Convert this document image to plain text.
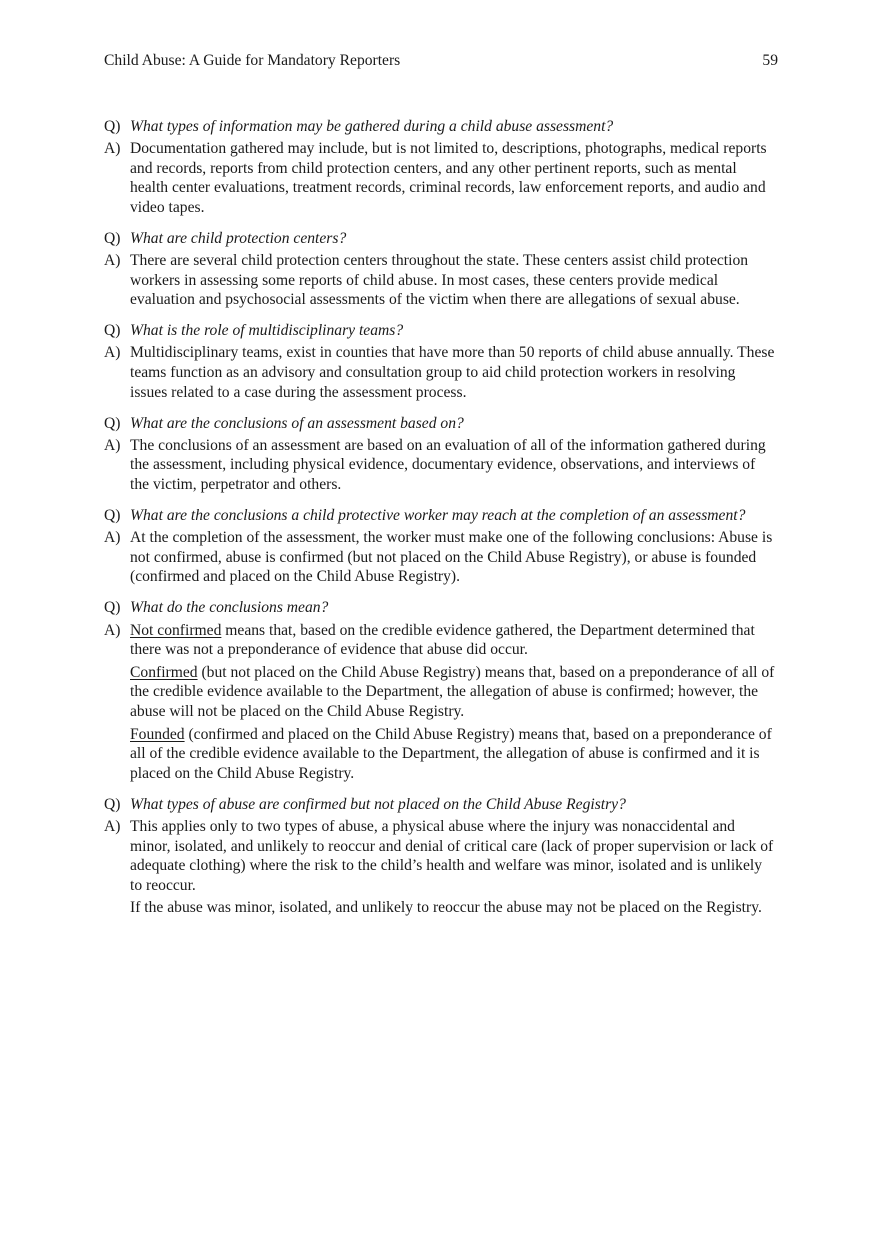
Child Abuse: A Guide for Mandatory Reporters	59
Q) What types of information may be gathered during a child abuse assessment?
A) Documentation gathered may include, but is not limited to, descriptions, photographs, medical reports and records, reports from child protection centers, and any other pertinent reports, such as mental health center evaluations, treatment records, criminal records, law enforcement reports, and audio and video tapes.
Q) What are child protection centers?
A) There are several child protection centers throughout the state. These centers assist child protection workers in assessing some reports of child abuse. In most cases, these centers provide medical evaluation and psychosocial assessments of the victim when there are allegations of sexual abuse.
Q) What is the role of multidisciplinary teams?
A) Multidisciplinary teams, exist in counties that have more than 50 reports of child abuse annually. These teams function as an advisory and consultation group to aid child protection workers in resolving issues related to a case during the assessment process.
Q) What are the conclusions of an assessment based on?
A) The conclusions of an assessment are based on an evaluation of all of the information gathered during the assessment, including physical evidence, documentary evidence, observations, and interviews of the victim, perpetrator and others.
Q) What are the conclusions a child protective worker may reach at the completion of an assessment?
A) At the completion of the assessment, the worker must make one of the following conclusions: Abuse is not confirmed, abuse is confirmed (but not placed on the Child Abuse Registry), or abuse is founded (confirmed and placed on the Child Abuse Registry).
Q) What do the conclusions mean?
A) Not confirmed means that, based on the credible evidence gathered, the Department determined that there was not a preponderance of evidence that abuse did occur.
Confirmed (but not placed on the Child Abuse Registry) means that, based on a preponderance of all of the credible evidence available to the Department, the allegation of abuse is confirmed; however, the abuse will not be placed on the Child Abuse Registry.
Founded (confirmed and placed on the Child Abuse Registry) means that, based on a preponderance of all of the credible evidence available to the Department, the allegation of abuse is confirmed and it is placed on the Child Abuse Registry.
Q) What types of abuse are confirmed but not placed on the Child Abuse Registry?
A) This applies only to two types of abuse, a physical abuse where the injury was nonaccidental and minor, isolated, and unlikely to reoccur and denial of critical care (lack of proper supervision or lack of adequate clothing) where the risk to the child’s health and welfare was minor, isolated and is unlikely to reoccur.
If the abuse was minor, isolated, and unlikely to reoccur the abuse may not be placed on the Registry.
